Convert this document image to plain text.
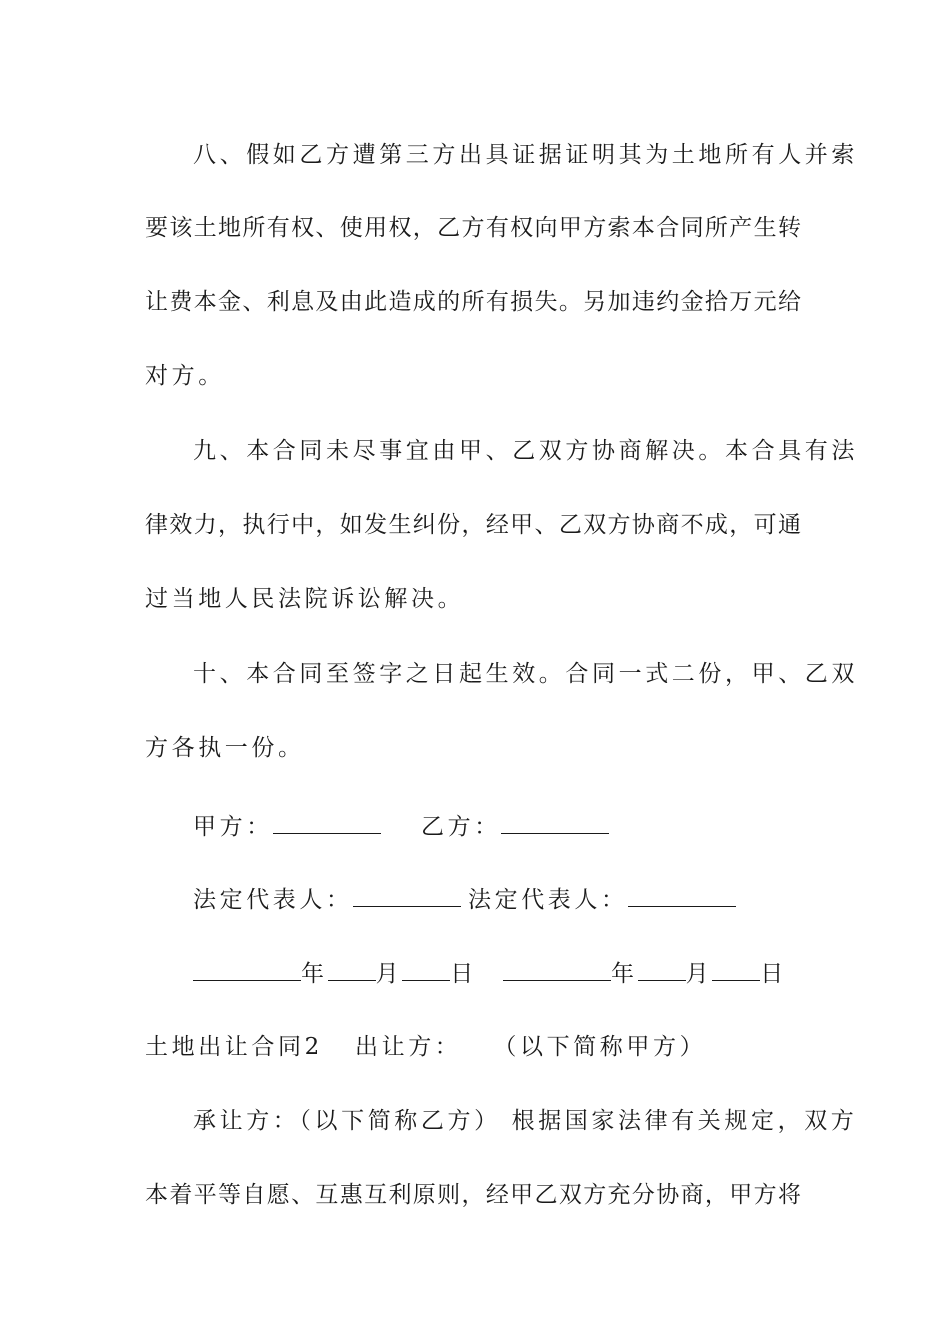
八、假如乙方遭第三方出具证据证明其为土地所有人并索
要 该 土 地 所 有 权 、 使 用 权 ， 乙 方 有 权 向 甲 方 索 本 合 同 所 产 生 转
让 费 本 金 、 利 息 及 由 此 造 成 的 所 有 损 失 。 另 加 违 约 金 拾 万 元 给
对方。
九、本合同未尽事宜由甲、乙双方协商解决。本合具有法
律 效 力 ， 执 行 中 ， 如 发 生 纠 份 ， 经 甲 、 乙 双 方 协 商 不 成 ， 可 通
过当地人民法院诉讼解决。
十、本合同至签字之日起生效。合同一式二份，甲、乙双
方各执一份。
甲方：	乙方：
法定代表人：	法定代表人：
年 月 日	年 月 日
土地出让合同2 出让方： （以下简称甲方）
承让方：（以下简称乙方） 根据国家法律有关规定，双方
本 着 平 等 自 愿 、 互 惠 互 利 原 则 ， 经 甲 乙 双 方 充 分 协 商 ， 甲 方 将
